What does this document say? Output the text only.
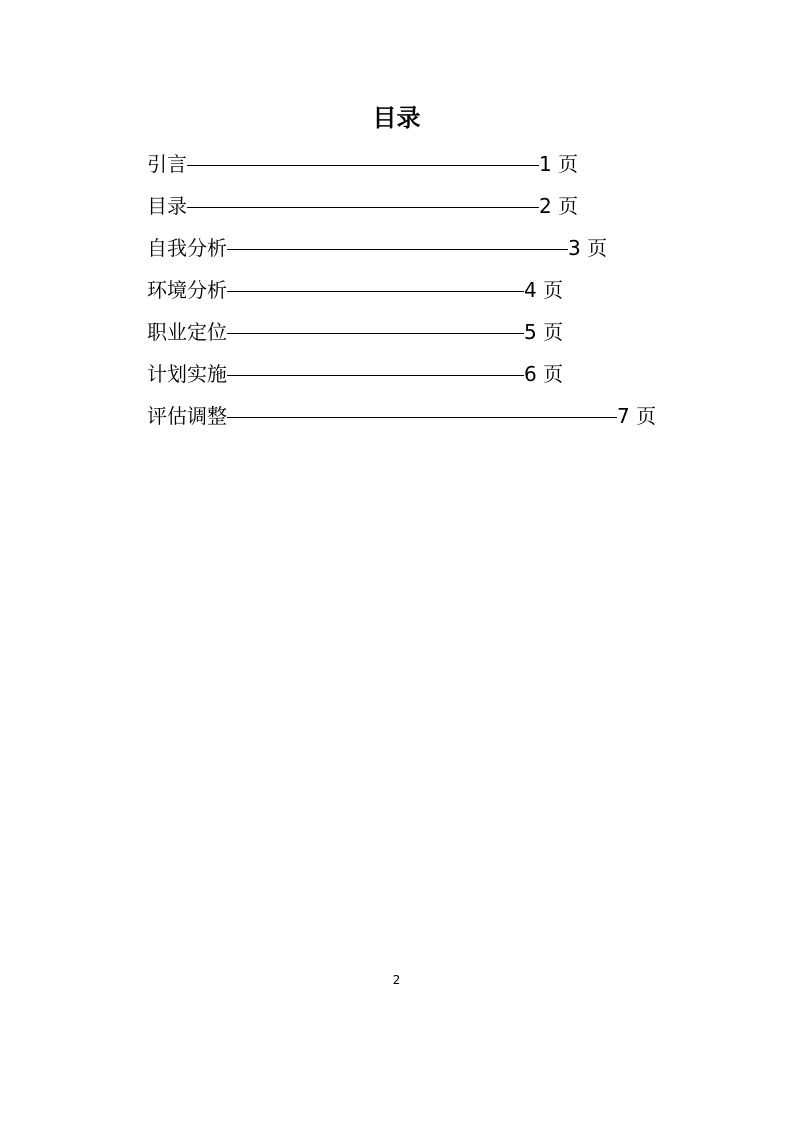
目录
引言	1 页
目录	2 页
自我分析	3 页
环境分析	4 页
职业定位	5 页
计划实施	6 页
评估调整	7 页
2
